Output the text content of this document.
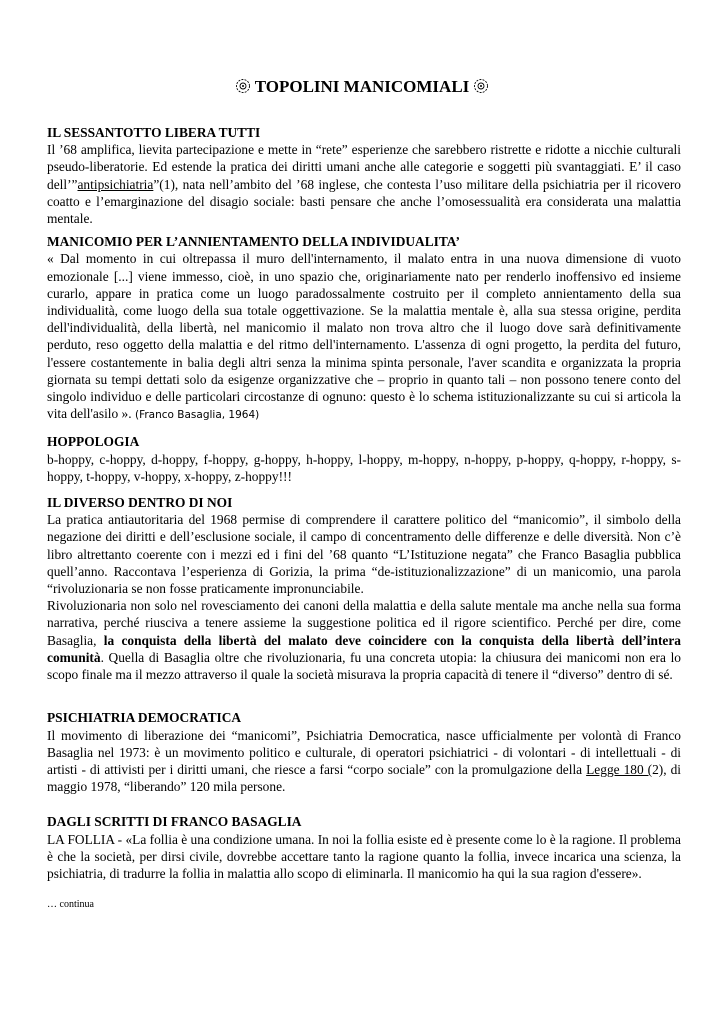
TOPOLINI MANICOMIALI
IL SESSANTOTTO LIBERA TUTTI

Il ’68 amplifica, lievita partecipazione e mette in “rete” esperienze che sarebbero ristrette e ridotte a nicchie culturali pseudo-liberatorie. Ed estende la pratica dei diritti umani anche alle categorie e soggetti più svantaggiati. E’ il caso dell’”antipsichiatria”(1), nata nell’ambito del ’68 inglese, che contesta l’uso militare della psichiatria per il ricovero coatto e l’emarginazione del disagio sociale: basti pensare che anche l’omosessualità era considerata una malattia mentale.

MANICOMIO PER L’ANNIENTAMENTO DELLA INDIVIDUALITA’

« Dal momento in cui oltrepassa il muro dell'internamento, il malato entra in una nuova dimensione di vuoto emozionale [...] viene immesso, cioè, in uno spazio che, originariamente nato per renderlo inoffensivo ed insieme curarlo, appare in pratica come un luogo paradossalmente costruito per il completo annientamento della sua individualità, come luogo della sua totale oggettivazione. Se la malattia mentale è, alla sua stessa origine, perdita dell'individualità, della libertà, nel manicomio il malato non trova altro che il luogo dove sarà definitivamente perduto, reso oggetto della malattia e del ritmo dell'internamento. L'assenza di ogni progetto, la perdita del futuro, l'essere costantemente in balia degli altri senza la minima spinta personale, l'aver scandita e organizzata la propria giornata su tempi dettati solo da esigenze organizzative che – proprio in quanto tali – non possono tenere conto del singolo individuo e delle particolari circostanze di ognuno: questo è lo schema istituzionalizzante su cui si articola la vita dell'asilo ». (Franco Basaglia, 1964)

HOPPOLOGIA

b-hoppy, c-hoppy, d-hoppy, f-hoppy, g-hoppy, h-hoppy, l-hoppy, m-hoppy, n-hoppy, p-hoppy, q-hoppy, r-hoppy, s-hoppy, t-hoppy, v-hoppy, x-hoppy, z-hoppy!!!

IL DIVERSO DENTRO DI NOI

La pratica antiautoritaria del 1968 permise di comprendere il carattere politico del “manicomio”, il simbolo della negazione dei diritti e dell’esclusione sociale, il campo di concentramento delle differenze e delle diversità. Non c’è libro altrettanto coerente con i mezzi ed i fini del ’68 quanto “L’Istituzione negata” che Franco Basaglia pubblica quell’anno. Raccontava l’esperienza di Gorizia, la prima “de-istituzionalizzazione” di un manicomio, una parola “rivoluzionaria se non fosse praticamente impronunciabile.

Rivoluzionaria non solo nel rovesciamento dei canoni della malattia e della salute mentale ma anche nella sua forma narrativa, perché riusciva a tenere assieme la suggestione politica ed il rigore scientifico. Perché per dire, come Basaglia, la conquista della libertà del malato deve coincidere con la conquista della libertà dell’intera comunità. Quella di Basaglia oltre che rivoluzionaria, fu una concreta utopia: la chiusura dei manicomi non era lo scopo finale ma il mezzo attraverso il quale la società misurava la propria capacità di tenere il “diverso” dentro di sé.

PSICHIATRIA DEMOCRATICA

Il movimento di liberazione dei “manicomi”, Psichiatria Democratica, nasce ufficialmente per volontà di Franco Basaglia nel 1973: è un movimento politico e culturale, di operatori psichiatrici - di volontari - di intellettuali - di artisti - di attivisti per i diritti umani, che riesce a farsi “corpo sociale” con la promulgazione della Legge 180 (2), di maggio 1978, “liberando” 120 mila persone.

DAGLI SCRITTI DI FRANCO BASAGLIA

LA FOLLIA - «La follia è una condizione umana. In noi la follia esiste ed è presente come lo è la ragione. Il problema è che la società, per dirsi civile, dovrebbe accettare tanto la ragione quanto la follia, invece incarica una scienza, la psichiatria, di tradurre la follia in malattia allo scopo di eliminarla. Il manicomio ha qui la sua ragion d'essere».

… continua
